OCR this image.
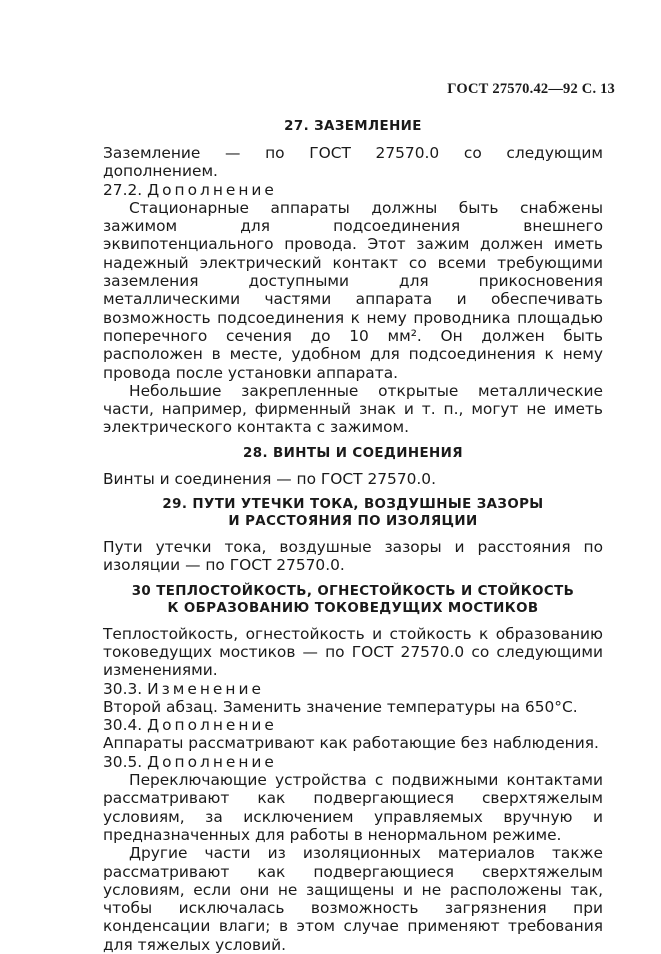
ГОСТ 27570.42—92 С. 13

27. ЗАЗЕМЛЕНИЕ

Заземление — по ГОСТ 27570.0 со следующим дополнением.

27.2. Дополнение

Стационарные аппараты должны быть снабжены зажимом для подсоединения внешнего эквипотенциального провода. Этот зажим должен иметь надежный электрический контакт со всеми требующими заземления доступными для прикосновения металлическими частями аппарата и обеспечивать возможность подсоединения к нему проводника площадью поперечного сечения до 10 мм². Он должен быть расположен в месте, удобном для подсоединения к нему провода после установки аппарата.

Небольшие закрепленные открытые металлические части, например, фирменный знак и т. п., могут не иметь электрического контакта с зажимом.

28. ВИНТЫ И СОЕДИНЕНИЯ

Винты и соединения — по ГОСТ 27570.0.

29. ПУТИ УТЕЧКИ ТОКА, ВОЗДУШНЫЕ ЗАЗОРЫ

И РАССТОЯНИЯ ПО ИЗОЛЯЦИИ

Пути утечки тока, воздушные зазоры и расстояния по изоляции — по ГОСТ 27570.0.

30 ТЕПЛОСТОЙКОСТЬ, ОГНЕСТОЙКОСТЬ И СТОЙКОСТЬ

К ОБРАЗОВАНИЮ ТОКОВЕДУЩИХ МОСТИКОВ

Теплостойкость, огнестойкость и стойкость к образованию токоведущих мостиков — по ГОСТ 27570.0 со следующими изменениями.

30.3. Изменение

Второй абзац. Заменить значение температуры на 650°С.

30.4. Дополнение

Аппараты рассматривают как работающие без наблюдения.

30.5. Дополнение

Переключающие устройства с подвижными контактами рассматривают как подвергающиеся сверхтяжелым условиям, за исключением управляемых вручную и предназначенных для работы в ненормальном режиме.

Другие части из изоляционных материалов также рассматривают как подвергающиеся сверхтяжелым условиям, если они не защищены и не расположены так, чтобы исключалась возможность загрязнения при конденсации влаги; в этом случае применяют требования для тяжелых условий.
